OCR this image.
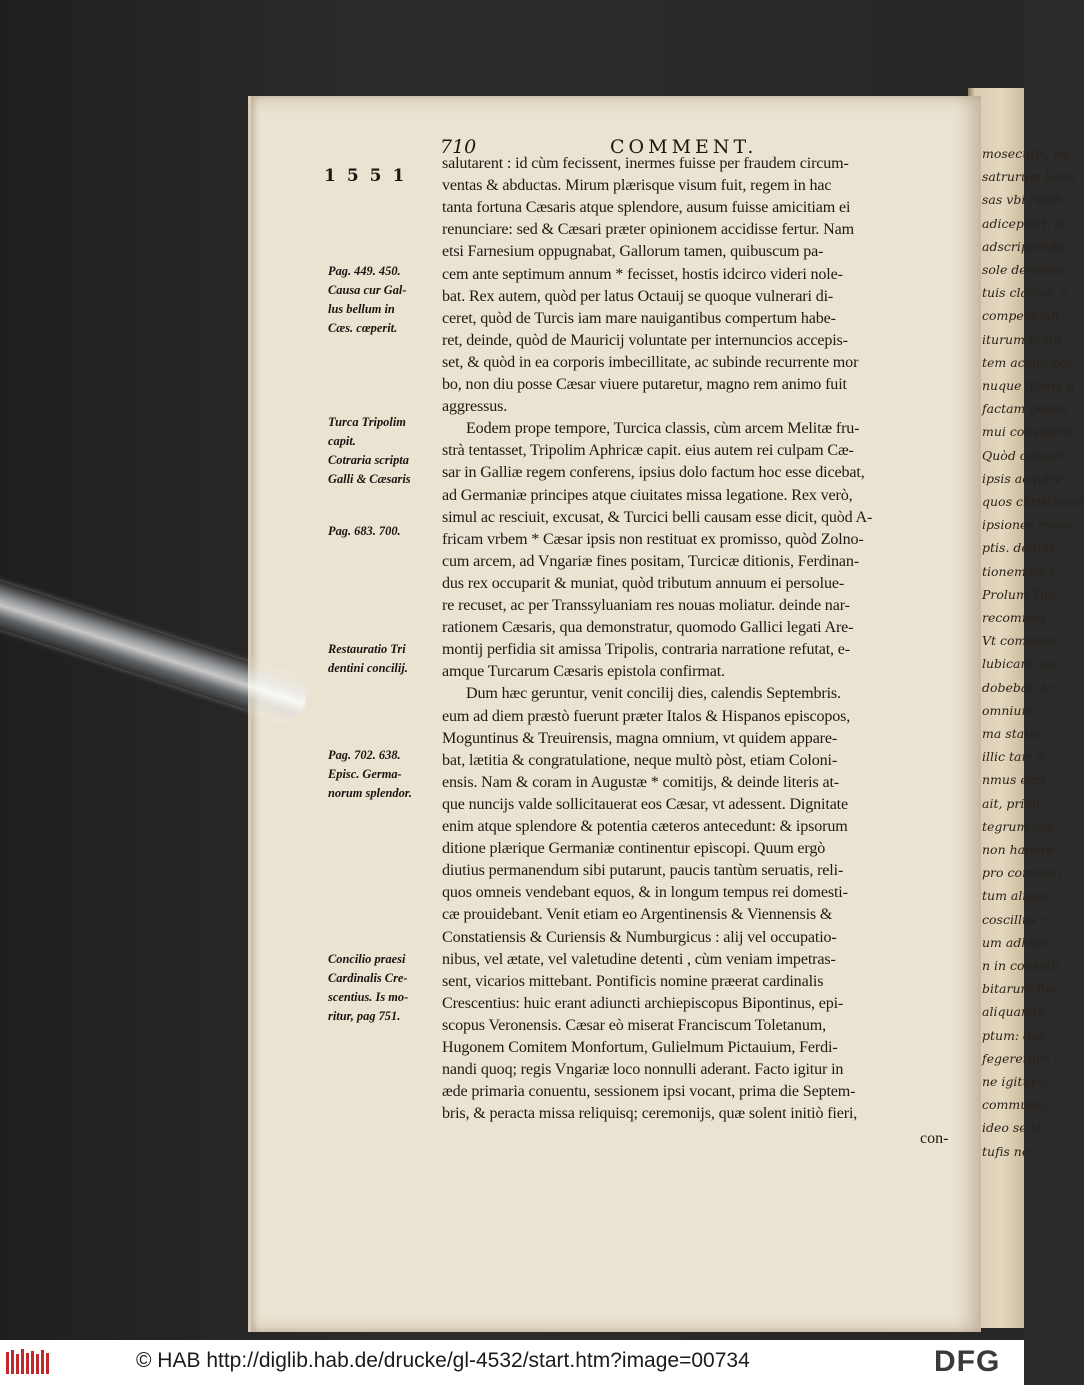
mosecutis, ad
satrurum licen
sas vbi reddi
adiceptari, cu
adscripienda
sole demonst
tuis clamor, a
compehendi
iturum temp
tem accipi pol
nuque literis p
factam beneu
mui considere
Quòd conuen
ipsis acquire
quos christianul
ipsiones mone
ptis. deinde
tionem de s
Prolum The
recommei
Vt comnece
lubicam, qu
dobebat, ta
omnium
ma statua
illic tam a
nmus eccl
ait, primi
tegrum ess
non habere
pro commen
tum aliquo
coscillus r
um adhibe
n in consulti
bitarum fue
aliquando
ptum: deo
fegereturn
ne igitur a
communic
ideo se te
tufis ne
710	COMMENT.
1551
salutarent : id cùm fecissent, inermes fuisse per fraudem circum-
ventas & abductas. Mirum plærisque visum fuit, regem in hac
tanta fortuna Cæsaris atque splendore, ausum fuisse amicitiam ei
renunciare: sed & Cæsari præter opinionem accidisse fertur. Nam
etsi Farnesium oppugnabat, Gallorum tamen, quibuscum pa-
cem ante septimum annum * fecisset, hostis idcirco videri nole-
bat. Rex autem, quòd per latus Octauij se quoque vulnerari di-
ceret, quòd de Turcis iam mare nauigantibus compertum habe-
ret, deinde, quòd de Mauricij voluntate per internuncios accepis-
set, & quòd in ea corporis imbecillitate, ac subinde recurrente mor
bo, non diu posse Cæsar viuere putaretur, magno rem animo fuit
aggressus.
Eodem prope tempore, Turcica classis, cùm arcem Melitæ fru-
strà tentasset, Tripolim Aphricæ capit. eius autem rei culpam Cæ-
sar in Galliæ regem conferens, ipsius dolo factum hoc esse dicebat,
ad Germaniæ principes atque ciuitates missa legatione. Rex verò,
simul ac resciuit, excusat, & Turcici belli causam esse dicit, quòd A-
fricam vrbem * Cæsar ipsis non restituat ex promisso, quòd Zolno-
cum arcem, ad Vngariæ fines positam, Turcicæ ditionis, Ferdinan-
dus rex occuparit & muniat, quòd tributum annuum ei persolue-
re recuset, ac per Transsyluaniam res nouas moliatur. deinde nar-
rationem Cæsaris, qua demonstratur, quomodo Gallici legati Are-
montij perfidia sit amissa Tripolis, contraria narratione refutat, e-
amque Turcarum Cæsaris epistola confirmat.
Dum hæc geruntur, venit concilij dies, calendis Septembris.
eum ad diem præstò fuerunt præter Italos & Hispanos episcopos,
Moguntinus & Treuirensis, magna omnium, vt quidem appare-
bat, lætitia & congratulatione, neque multò pòst, etiam Coloni-
ensis. Nam & coram in Augustæ * comitijs, & deinde literis at-
que nuncijs valde sollicitauerat eos Cæsar, vt adessent. Dignitate
enim atque splendore & potentia cæteros antecedunt: & ipsorum
ditione plærique Germaniæ continentur episcopi. Quum ergò
diutius permanendum sibi putarunt, paucis tantùm seruatis, reli-
quos omneis vendebant equos, & in longum tempus rei domesti-
cæ prouidebant. Venit etiam eo Argentinensis & Viennensis &
Constatiensis & Curiensis & Numburgicus : alij vel occupatio-
nibus, vel ætate, vel valetudine detenti , cùm veniam impetras-
sent, vicarios mittebant. Pontificis nomine præerat cardinalis
Crescentius: huic erant adiuncti archiepiscopus Bipontinus, epi-
scopus Veronensis. Cæsar eò miserat Franciscum Toletanum,
Hugonem Comitem Monfortum, Gulielmum Pictauium, Ferdi-
nandi quoq; regis Vngariæ loco nonnulli aderant. Facto igitur in
æde primaria conuentu, sessionem ipsi vocant, prima die Septem-
bris, & peracta missa reliquisq; ceremonijs, quæ solent initiò fieri,
con-
Pag. 449. 450.
Causa cur Gal-
lus bellum in
Cæs. cœperit.
Turca Tripolim
capit.
Cotraria scripta
Galli & Cæsaris
Pag. 683. 700.
Restauratio Tri
dentini concilij.
Pag. 702. 638.
Episc. Germa-
norum splendor.
Concilio praesi
Cardinalis Cre-
scentius. Is mo-
ritur, pag 751.
© HAB http://diglib.hab.de/drucke/gl-4532/start.htm?image=00734	DFG
